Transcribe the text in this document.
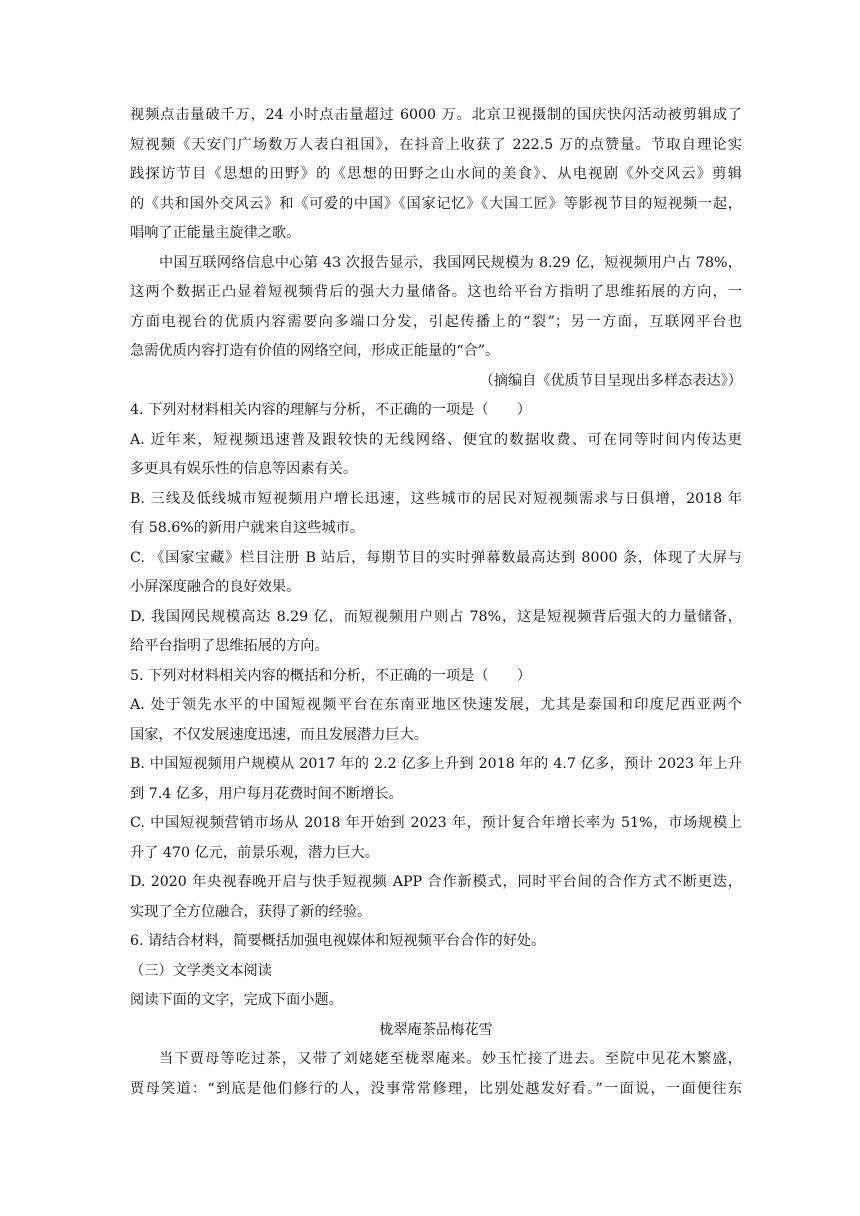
视频点击量破千万，24 小时点击量超过 6000 万。北京卫视摄制的国庆快闪活动被剪辑成了
短视频《天安门广场数万人表白祖国》，在抖音上收获了 222.5 万的点赞量。节取自理论实
践探访节目《思想的田野》的《思想的田野之山水间的美食》、从电视剧《外交风云》剪辑
的《共和国外交风云》和《可爱的中国》《国家记忆》《大国工匠》等影视节目的短视频一起，
唱响了正能量主旋律之歌。
中国互联网络信息中心第 43 次报告显示，我国网民规模为 8.29 亿，短视频用户占 78%，
这两个数据正凸显着短视频背后的强大力量储备。这也给平台方指明了思维拓展的方向，一
方面电视台的优质内容需要向多端口分发，引起传播上的“裂”；另一方面，互联网平台也
急需优质内容打造有价值的网络空间，形成正能量的“合”。
（摘编自《优质节目呈现出多样态表达》）
4. 下列对材料相关内容的理解与分析，不正确的一项是（　　）
A. 近年来，短视频迅速普及跟较快的无线网络、便宜的数据收费、可在同等时间内传达更
多更具有娱乐性的信息等因素有关。
B. 三线及低线城市短视频用户增长迅速，这些城市的居民对短视频需求与日俱增，2018 年
有 58.6%的新用户就来自这些城市。
C. 《国家宝藏》栏目注册 B 站后，每期节目的实时弹幕数最高达到 8000 条，体现了大屏与
小屏深度融合的良好效果。
D. 我国网民规模高达 8.29 亿，而短视频用户则占 78%，这是短视频背后强大的力量储备，
给平台指明了思维拓展的方向。
5. 下列对材料相关内容的概括和分析，不正确的一项是（　　）
A. 处于领先水平的中国短视频平台在东南亚地区快速发展，尤其是泰国和印度尼西亚两个
国家，不仅发展速度迅速，而且发展潜力巨大。
B. 中国短视频用户规模从 2017 年的 2.2 亿多上升到 2018 年的 4.7 亿多，预计 2023 年上升
到 7.4 亿多，用户每月花费时间不断增长。
C. 中国短视频营销市场从 2018 年开始到 2023 年，预计复合年增长率为 51%，市场规模上
升了 470 亿元，前景乐观，潜力巨大。
D. 2020 年央视春晚开启与快手短视频 APP 合作新模式，同时平台间的合作方式不断更迭，
实现了全方位融合，获得了新的经验。
6. 请结合材料，简要概括加强电视媒体和短视频平台合作的好处。
（三）文学类文本阅读
阅读下面的文字，完成下面小题。
栊翠庵茶品梅花雪
当下贾母等吃过茶，又带了刘姥姥至栊翠庵来。妙玉忙接了进去。至院中见花木繁盛，
贾母笑道：“到底是他们修行的人，没事常常修理，比别处越发好看。”一面说，一面便往东
